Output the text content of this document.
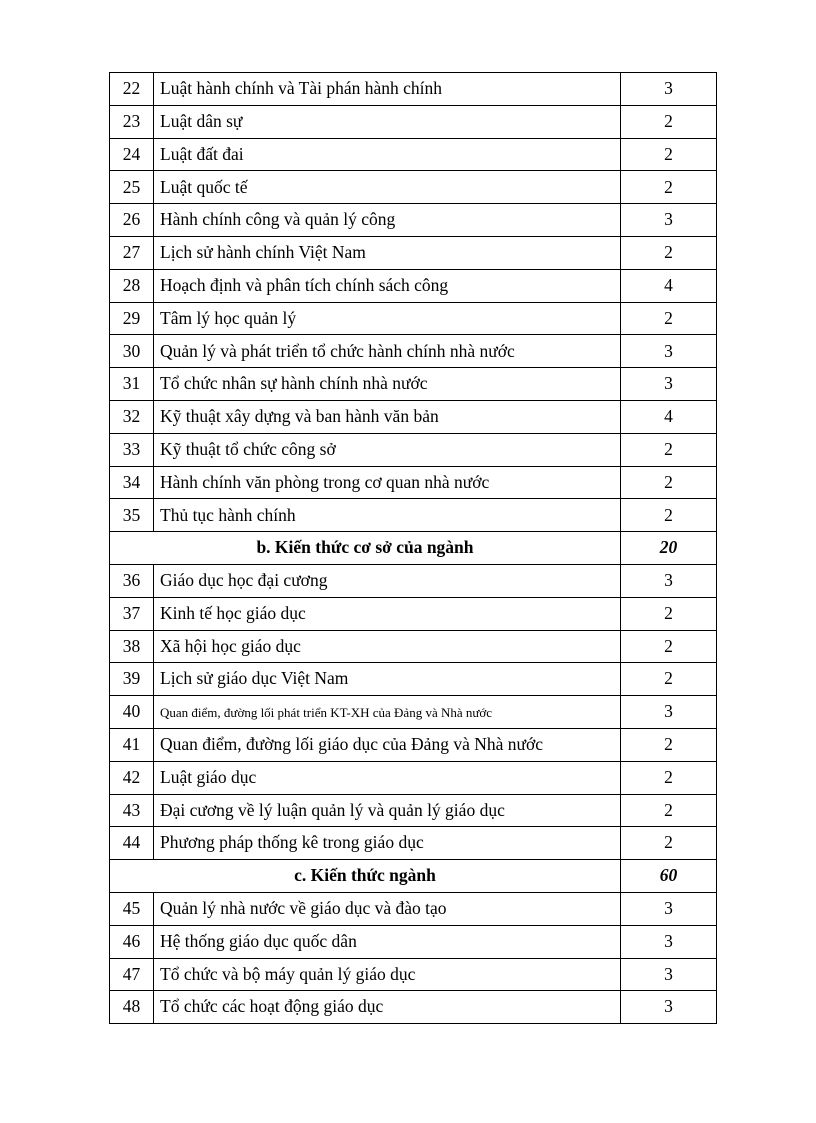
22	Luật hành chính và Tài phán hành chính	3
23	Luật dân sự	2
24	Luật đất đai	2
25	Luật quốc tế	2
26	Hành chính công và quản lý công	3
27	Lịch sử hành chính Việt Nam	2
28	Hoạch định và phân tích chính sách công	4
29	Tâm lý học quản lý	2
30	Quản lý và phát triển tổ chức hành chính nhà nước	3
31	Tổ chức nhân sự hành chính nhà nước	3
32	Kỹ thuật xây dựng và ban hành văn bản	4
33	Kỹ thuật tổ chức công sở	2
34	Hành chính văn phòng trong cơ quan nhà nước	2
35	Thủ tục hành chính	2
b. Kiến thức cơ sở của ngành		20
36	Giáo dục học đại cương	3
37	Kinh tế học giáo dục	2
38	Xã hội học giáo dục	2
39	Lịch sử giáo dục Việt Nam	2
40	Quan điểm, đường lối phát triển KT-XH của Đảng và Nhà nước	3
41	Quan điểm, đường lối giáo dục của Đảng và Nhà nước	2
42	Luật giáo dục	2
43	Đại cương về lý luận quản lý và quản lý giáo dục	2
44	Phương pháp thống kê trong giáo dục	2
c. Kiến thức ngành		60
45	Quản lý nhà nước về giáo dục và đào tạo	3
46	Hệ thống giáo dục quốc dân	3
47	Tổ chức và bộ máy quản lý giáo dục	3
48	Tổ chức các hoạt động giáo dục	3
